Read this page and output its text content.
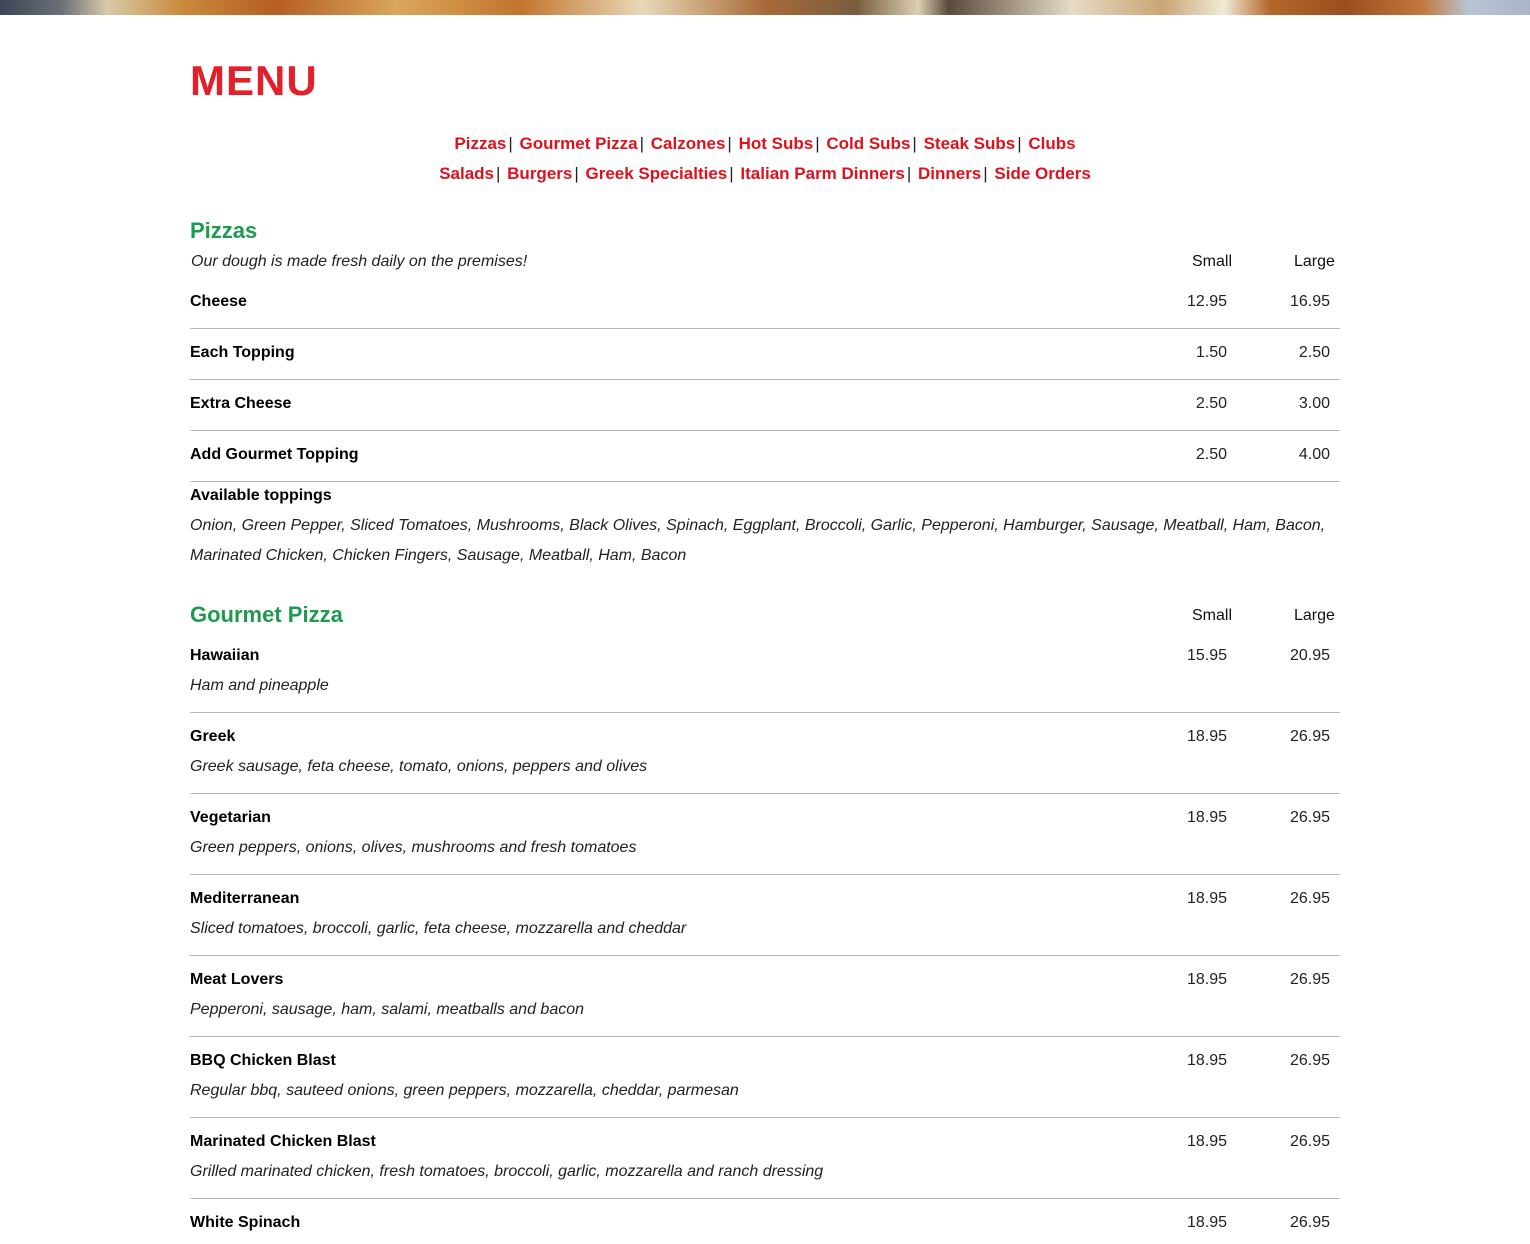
MENU
Pizzas | Gourmet Pizza | Calzones | Hot Subs | Cold Subs | Steak Subs | Clubs
Salads | Burgers | Greek Specialties | Italian Parm Dinners | Dinners | Side Orders
Pizzas
Our dough is made fresh daily on the premises!	Small	Large
Cheese	12.95	16.95
Each Topping	1.50	2.50
Extra Cheese	2.50	3.00
Add Gourmet Topping	2.50	4.00
Available toppings
Onion, Green Pepper, Sliced Tomatoes, Mushrooms, Black Olives, Spinach, Eggplant, Broccoli, Garlic, Pepperoni, Hamburger, Sausage, Meatball, Ham, Bacon, Marinated Chicken, Chicken Fingers, Sausage, Meatball, Ham, Bacon
Gourmet Pizza	Small	Large
Hawaiian	15.95	20.95
Ham and pineapple
Greek	18.95	26.95
Greek sausage, feta cheese, tomato, onions, peppers and olives
Vegetarian	18.95	26.95
Green peppers, onions, olives, mushrooms and fresh tomatoes
Mediterranean	18.95	26.95
Sliced tomatoes, broccoli, garlic, feta cheese, mozzarella and cheddar
Meat Lovers	18.95	26.95
Pepperoni, sausage, ham, salami, meatballs and bacon
BBQ Chicken Blast	18.95	26.95
Regular bbq, sauteed onions, green peppers, mozzarella, cheddar, parmesan
Marinated Chicken Blast	18.95	26.95
Grilled marinated chicken, fresh tomatoes, broccoli, garlic, mozzarella and ranch dressing
White Spinach	18.95	26.95
